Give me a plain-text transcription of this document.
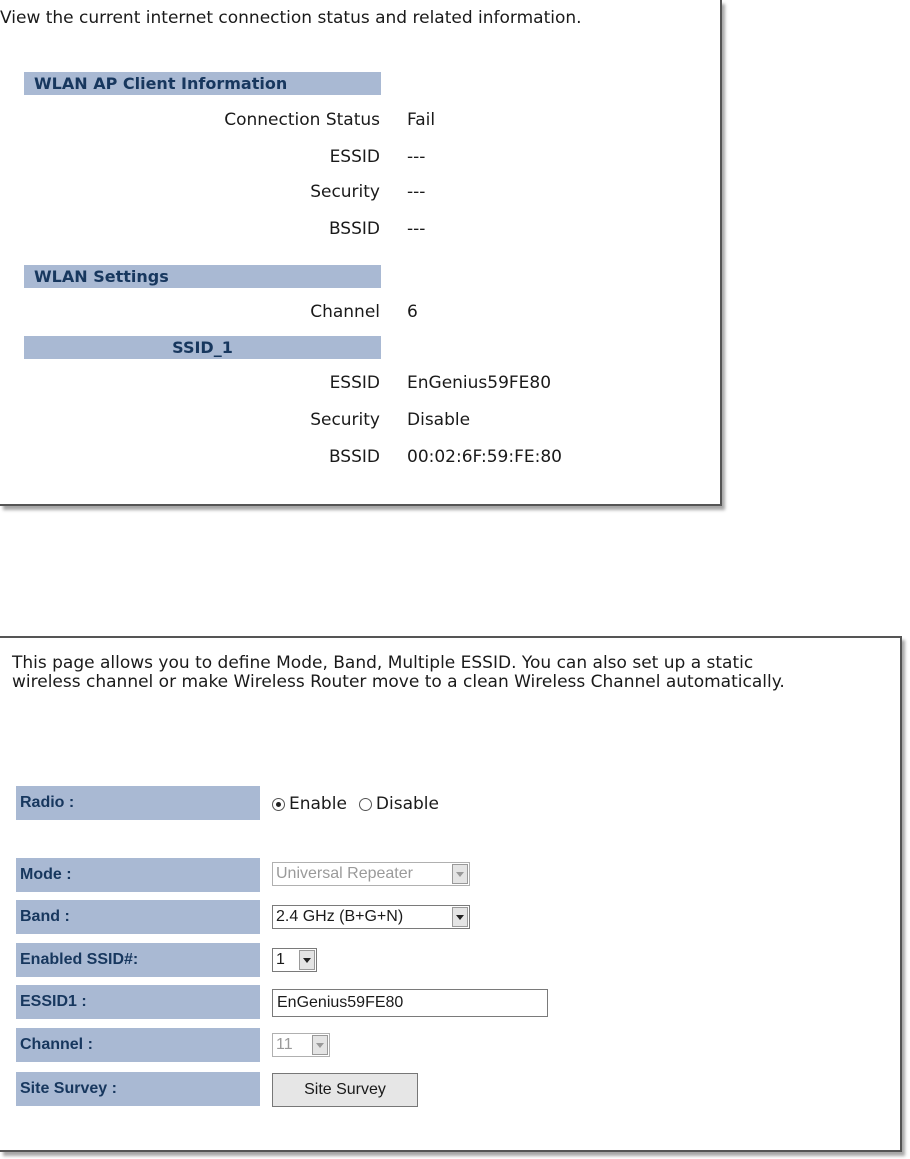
View the current internet connection status and related information.
WLAN AP Client Information
Connection Status Fail
ESSID ---
Security ---
BSSID ---
WLAN Settings
Channel 6
SSID_1
ESSID EnGenius59FE80
Security Disable
BSSID 00:02:6F:59:FE:80
This page allows you to define Mode, Band, Multiple ESSID. You can also set up a static
wireless channel or make Wireless Router move to a clean Wireless Channel automatically.
Radio :	Enable Disable
Mode :	Universal Repeater
Band :	2.4 GHz (B+G+N)
Enabled SSID#:	1
ESSID1 :	EnGenius59FE80
Channel :	11
Site Survey :	Site Survey
